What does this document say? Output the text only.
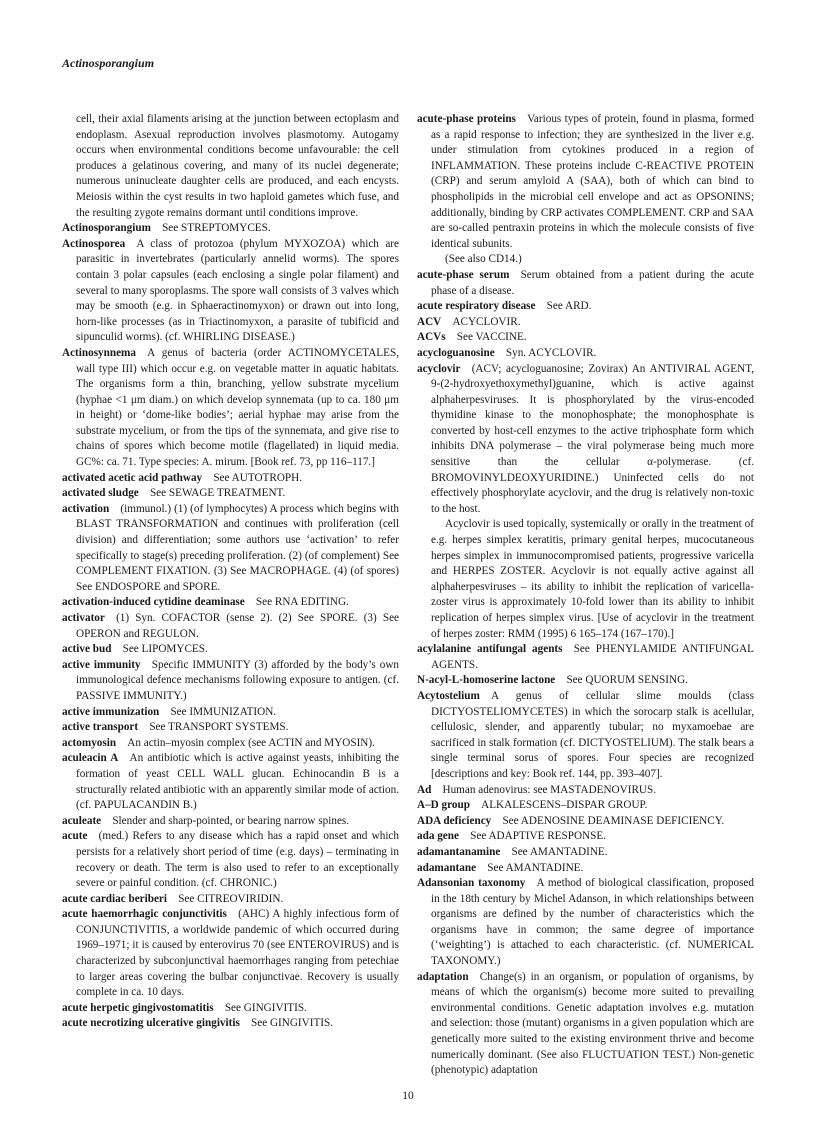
Actinosporangium

cell, their axial filaments arising at the junction between ectoplasm and endoplasm. Asexual reproduction involves plasmotomy. Autogamy occurs when environmental conditions become unfavourable: the cell produces a gelatinous covering, and many of its nuclei degenerate; numerous uninucleate daughter cells are produced, and each encysts. Meiosis within the cyst results in two haploid gametes which fuse, and the resulting zygote remains dormant until conditions improve.

Actinosporangium  See STREPTOMYCES.

Actinosporea  A class of protozoa (phylum MYXOZOA) which are parasitic in invertebrates (particularly annelid worms). The spores contain 3 polar capsules (each enclosing a single polar filament) and several to many sporoplasms. The spore wall consists of 3 valves which may be smooth (e.g. in Sphaeractinomyxon) or drawn out into long, horn-like processes (as in Triactinomyxon, a parasite of tubificid and sipunculid worms). (cf. WHIRLING DISEASE.)

Actinosynnema  A genus of bacteria (order ACTINOMYCETALES, wall type III) which occur e.g. on vegetable matter in aquatic habitats. The organisms form a thin, branching, yellow substrate mycelium (hyphae <1 μm diam.) on which develop synnemata (up to ca. 180 μm in height) or ‘dome-like bodies’; aerial hyphae may arise from the substrate mycelium, or from the tips of the synnemata, and give rise to chains of spores which become motile (flagellated) in liquid media. GC%: ca. 71. Type species: A. mirum. [Book ref. 73, pp 116–117.]

activated acetic acid pathway  See AUTOTROPH.

activated sludge  See SEWAGE TREATMENT.

activation  (immunol.) (1) (of lymphocytes) A process which begins with BLAST TRANSFORMATION and continues with proliferation (cell division) and differentiation; some authors use ‘activation’ to refer specifically to stage(s) preceding proliferation. (2) (of complement) See COMPLEMENT FIXATION. (3) See MACROPHAGE. (4) (of spores) See ENDOSPORE and SPORE.

activation-induced cytidine deaminase  See RNA EDITING.

activator  (1) Syn. COFACTOR (sense 2). (2) See SPORE. (3) See OPERON and REGULON.

active bud  See LIPOMYCES.

active immunity  Specific IMMUNITY (3) afforded by the body’s own immunological defence mechanisms following exposure to antigen. (cf. PASSIVE IMMUNITY.)

active immunization  See IMMUNIZATION.

active transport  See TRANSPORT SYSTEMS.

actomyosin  An actin–myosin complex (see ACTIN and MYOSIN).

aculeacin A  An antibiotic which is active against yeasts, inhibiting the formation of yeast CELL WALL glucan. Echinocandin B is a structurally related antibiotic with an apparently similar mode of action. (cf. PAPULACANDIN B.)

aculeate  Slender and sharp-pointed, or bearing narrow spines.

acute  (med.) Refers to any disease which has a rapid onset and which persists for a relatively short period of time (e.g. days) – terminating in recovery or death. The term is also used to refer to an exceptionally severe or painful condition. (cf. CHRONIC.)

acute cardiac beriberi  See CITREOVIRIDIN.

acute haemorrhagic conjunctivitis  (AHC) A highly infectious form of CONJUNCTIVITIS, a worldwide pandemic of which occurred during 1969–1971; it is caused by enterovirus 70 (see ENTEROVIRUS) and is characterized by subconjunctival haemorrhages ranging from petechiae to larger areas covering the bulbar conjunctivae. Recovery is usually complete in ca. 10 days.

acute herpetic gingivostomatitis  See GINGIVITIS.

acute necrotizing ulcerative gingivitis  See GINGIVITIS.

acute-phase proteins  Various types of protein, found in plasma, formed as a rapid response to infection; they are synthesized in the liver e.g. under stimulation from cytokines produced in a region of INFLAMMATION. These proteins include C-REACTIVE PROTEIN (CRP) and serum amyloid A (SAA), both of which can bind to phospholipids in the microbial cell envelope and act as OPSONINS; additionally, binding by CRP activates COMPLEMENT. CRP and SAA are so-called pentraxin proteins in which the molecule consists of five identical subunits.

(See also CD14.)

acute-phase serum  Serum obtained from a patient during the acute phase of a disease.

acute respiratory disease  See ARD.

ACV  ACYCLOVIR.

ACVs  See VACCINE.

acycloguanosine  Syn. ACYCLOVIR.

acyclovir  (ACV; acycloguanosine; Zovirax) An ANTIVIRAL AGENT, 9-(2-hydroxyethoxymethyl)guanine, which is active against alphaherpesviruses. It is phosphorylated by the virus-encoded thymidine kinase to the monophosphate; the monophosphate is converted by host-cell enzymes to the active triphosphate form which inhibits DNA polymerase – the viral polymerase being much more sensitive than the cellular α-polymerase. (cf. BROMOVINYLDEOXYURIDINE.) Uninfected cells do not effectively phosphorylate acyclovir, and the drug is relatively non-toxic to the host.

Acyclovir is used topically, systemically or orally in the treatment of e.g. herpes simplex keratitis, primary genital herpes, mucocutaneous herpes simplex in immunocompromised patients, progressive varicella and HERPES ZOSTER. Acyclovir is not equally active against all alphaherpesviruses – its ability to inhibit the replication of varicella-zoster virus is approximately 10-fold lower than its ability to inhibit replication of herpes simplex virus. [Use of acyclovir in the treatment of herpes zoster: RMM (1995) 6 165–174 (167–170).]

acylalanine antifungal agents  See PHENYLAMIDE ANTIFUNGAL AGENTS.

N-acyl-L-homoserine lactone  See QUORUM SENSING.

Acytostelium  A genus of cellular slime moulds (class DICTYOSTELIOMYCETES) in which the sorocarp stalk is acellular, cellulosic, slender, and apparently tubular; no myxamoebae are sacrificed in stalk formation (cf. DICTYOSTELIUM). The stalk bears a single terminal sorus of spores. Four species are recognized [descriptions and key: Book ref. 144, pp. 393–407].

Ad  Human adenovirus: see MASTADENOVIRUS.

A–D group  ALKALESCENS–DISPAR GROUP.

ADA deficiency  See ADENOSINE DEAMINASE DEFICIENCY.

ada gene  See ADAPTIVE RESPONSE.

adamantanamine  See AMANTADINE.

adamantane  See AMANTADINE.

Adansonian taxonomy  A method of biological classification, proposed in the 18th century by Michel Adanson, in which relationships between organisms are defined by the number of characteristics which the organisms have in common; the same degree of importance (‘weighting’) is attached to each characteristic. (cf. NUMERICAL TAXONOMY.)

adaptation  Change(s) in an organism, or population of organisms, by means of which the organism(s) become more suited to prevailing environmental conditions. Genetic adaptation involves e.g. mutation and selection: those (mutant) organisms in a given population which are genetically more suited to the existing environment thrive and become numerically dominant. (See also FLUCTUATION TEST.) Non-genetic (phenotypic) adaptation

10
